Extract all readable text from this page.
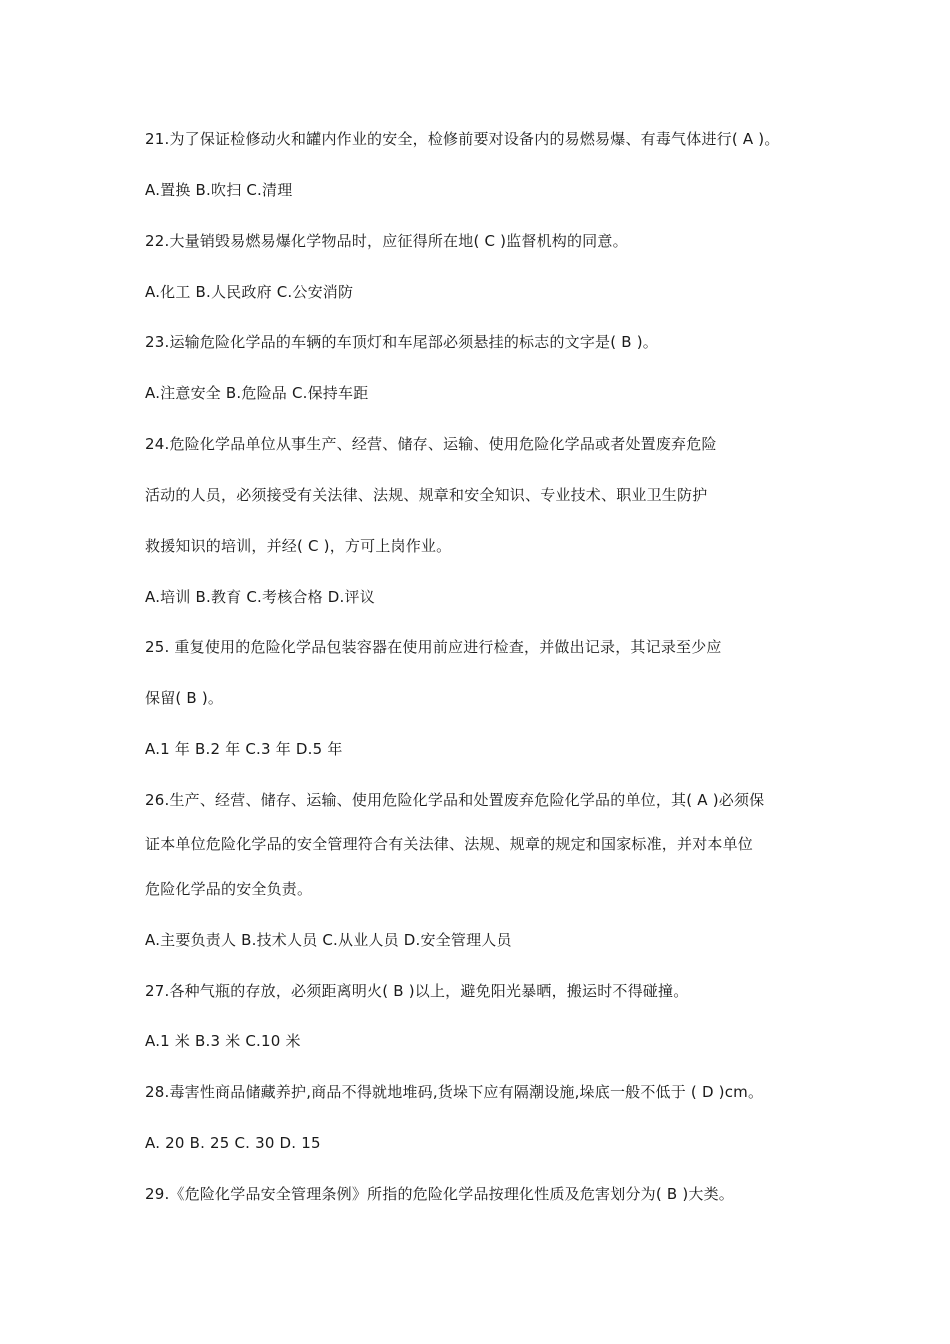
21.为了保证检修动火和罐内作业的安全，检修前要对设备内的易燃易爆、有毒气体进行( A )。
A.置换 B.吹扫 C.清理
22.大量销毁易燃易爆化学物品时，应征得所在地( C )监督机构的同意。
A.化工 B.人民政府 C.公安消防
23.运输危险化学品的车辆的车顶灯和车尾部必须悬挂的标志的文字是( B )。
A.注意安全 B.危险品 C.保持车距
24.危险化学品单位从事生产、经营、储存、运输、使用危险化学品或者处置废弃危险
活动的人员，必须接受有关法律、法规、规章和安全知识、专业技术、职业卫生防护
救援知识的培训，并经( C )，方可上岗作业。
A.培训 B.教育 C.考核合格 D.评议
25. 重复使用的危险化学品包装容器在使用前应进行检查，并做出记录，其记录至少应
保留( B )。
A.1 年 B.2 年 C.3 年 D.5 年
26.生产、经营、储存、运输、使用危险化学品和处置废弃危险化学品的单位，其( A )必须保
证本单位危险化学品的安全管理符合有关法律、法规、规章的规定和国家标准，并对本单位
危险化学品的安全负责。
A.主要负责人 B.技术人员 C.从业人员 D.安全管理人员
27.各种气瓶的存放，必须距离明火( B )以上，避免阳光暴晒，搬运时不得碰撞。
A.1 米 B.3 米 C.10 米
28.毒害性商品储藏养护,商品不得就地堆码,货垛下应有隔潮设施,垛底一般不低于 ( D )cm。
A. 20 B. 25 C. 30 D. 15
29.《危险化学品安全管理条例》所指的危险化学品按理化性质及危害划分为( B )大类。
